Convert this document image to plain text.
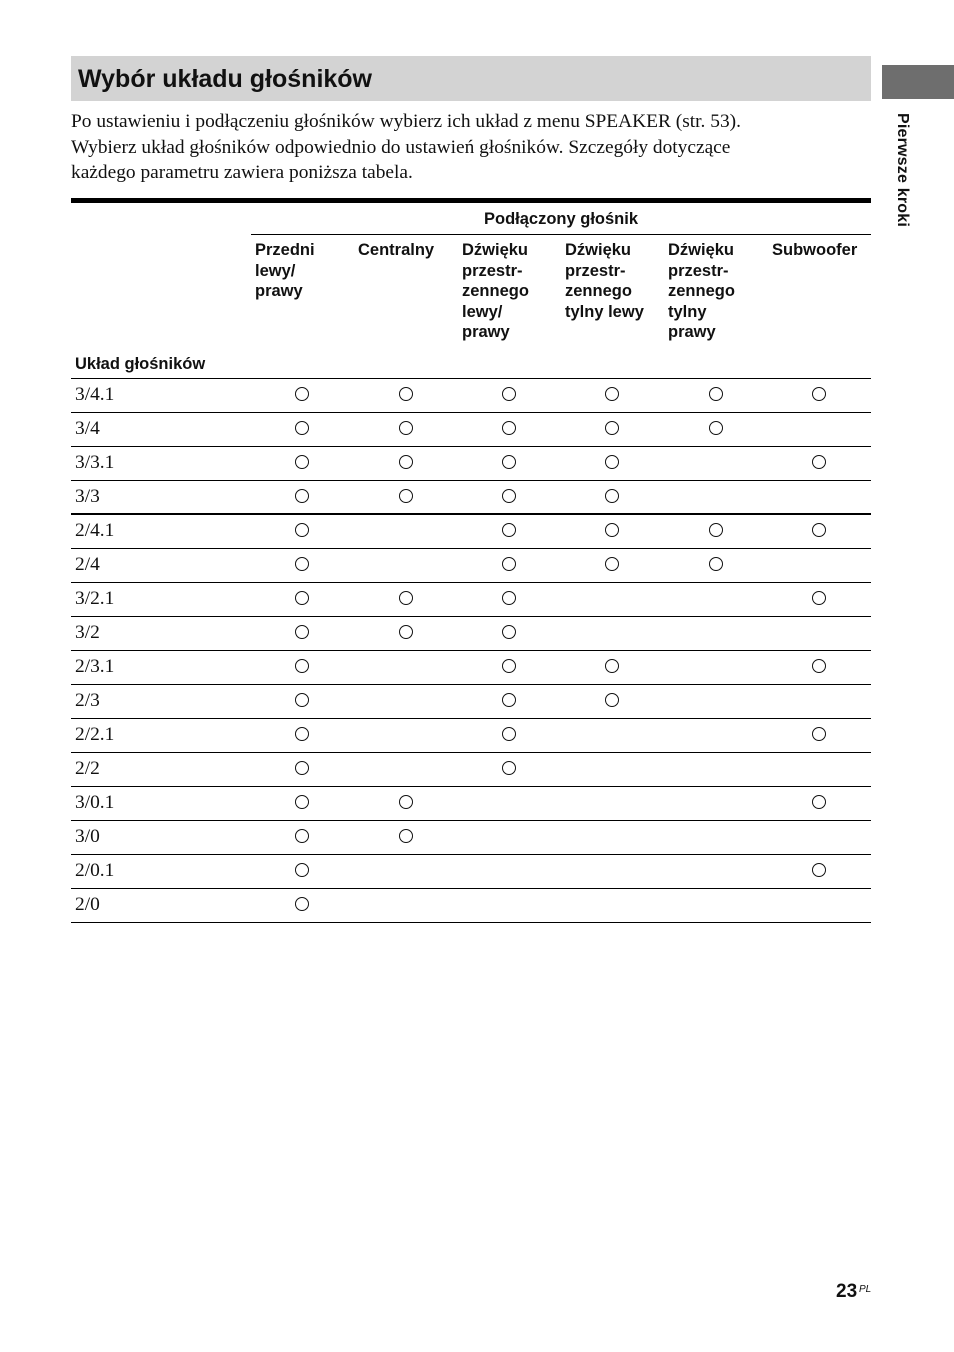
Wybór układu głośników
Pierwsze kroki

Po ustawieniu i podłączeniu głośników wybierz ich układ z menu SPEAKER (str. 53).

Wybierz układ głośników odpowiednio do ustawień głośników. Szczegóły dotyczące

każdego parametru zawiera poniższa tabela.

Podłączony głośnik
Układ głośników
Przedni
lewy/
prawy
Centralny	Dźwięku
przestr-
zennego
lewy/
prawy
Dźwięku
przestr-
zennego
tylny lewy
Dźwięku
przestr-
zennego
tylny
prawy
Subwoofer
3/4.1
3/4
3/3.1
3/3
2/4.1
2/4
3/2.1
3/2
2/3.1
2/3
2/2.1
2/2
3/0.1
3/0
2/0.1
2/0
23 PL
